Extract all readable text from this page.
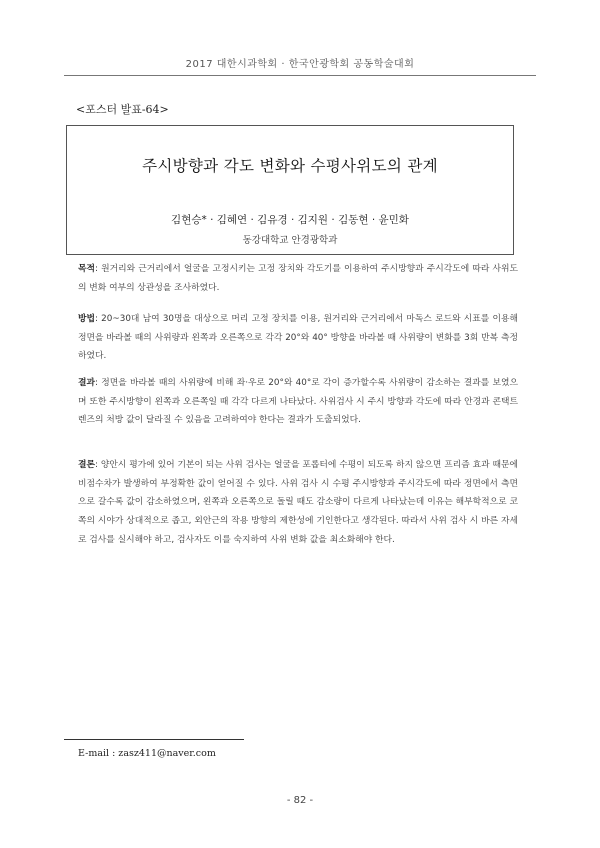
2017 대한시과학회 · 한국안광학회 공동학술대회
<포스터 발표-64>
주시방향과 각도 변화와 수평사위도의 관계
김현승* · 김혜연 · 김유경 · 김지원 · 김동현 · 윤민화
동강대학교 안경광학과
목적: 원거리와 근거리에서 얼굴을 고정시키는 고정 장치와 각도기를 이용하여 주시방향과 주시각도에 따라 사위도의 변화 여부의 상관성을 조사하였다.
방법: 20~30대 남여 30명을 대상으로 머리 고정 장치를 이용, 원거리와 근거리에서 마독스 로드와 시표를 이용해 정면을 바라볼 때의 사위량과 왼쪽과 오른쪽으로 각각 20°와 40° 방향을 바라볼 때 사위량이 변화를 3회 반복 측정하였다.
결과: 정면을 바라볼 때의 사위량에 비해 좌·우로 20°와 40°로 각이 증가할수록 사위량이 감소하는 결과를 보였으며 또한 주시방향이 왼쪽과 오른쪽일 때 각각 다르게 나타났다. 사위검사 시 주시 방향과 각도에 따라 안경과 콘택트렌즈의 처방 값이 달라질 수 있음을 고려하여야 한다는 결과가 도출되었다.
결론: 양안시 평가에 있어 기본이 되는 사위 검사는 얼굴을 포롭터에 수평이 되도록 하지 않으면 프리즘 효과 때문에 비점수차가 발생하여 부정확한 값이 얻어질 수 있다. 사위 검사 시 수평 주시방향과 주시각도에 따라 정면에서 측면으로 갈수록 값이 감소하였으며, 왼쪽과 오른쪽으로 돌릴 때도 감소량이 다르게 나타났는데 이유는 해부학적으로 코 쪽의 시야가 상대적으로 좁고, 외안근의 작용 방향의 제한성에 기인한다고 생각된다. 따라서 사위 검사 시 바른 자세로 검사를 실시해야 하고, 검사자도 이를 숙지하여 사위 변화 값을 최소화해야 한다.
E-mail : zasz411@naver.com
- 82 -
